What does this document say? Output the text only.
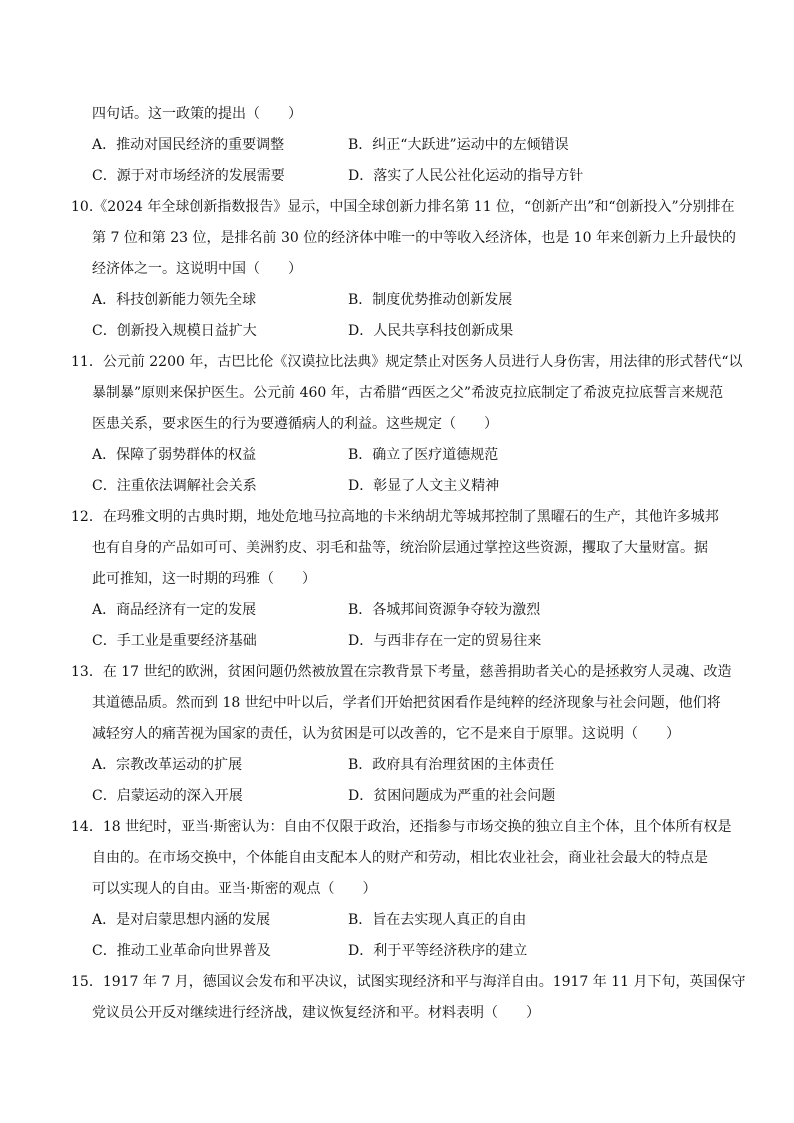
四句话。这一政策的提出（　　）
A．推动对国民经济的重要调整	B．纠正“大跃进”运动中的左倾错误
C．源于对市场经济的发展需要	D．落实了人民公社化运动的指导方针
10.《2024 年全球创新指数报告》显示，中国全球创新力排名第 11 位，“创新产出”和“创新投入”分别排在
第 7 位和第 23 位，是排名前 30 位的经济体中唯一的中等收入经济体，也是 10 年来创新力上升最快的
经济体之一。这说明中国（　　）
A．科技创新能力领先全球	B．制度优势推动创新发展
C．创新投入规模日益扩大	D．人民共享科技创新成果
11．公元前 2200 年，古巴比伦《汉谟拉比法典》规定禁止对医务人员进行人身伤害，用法律的形式替代“以
暴制暴”原则来保护医生。公元前 460 年，古希腊“西医之父”希波克拉底制定了希波克拉底誓言来规范
医患关系，要求医生的行为要遵循病人的利益。这些规定（　　）
A．保障了弱势群体的权益	B．确立了医疗道德规范
C．注重依法调解社会关系	D．彰显了人文主义精神
12．在玛雅文明的古典时期，地处危地马拉高地的卡米纳胡尤等城邦控制了黑曜石的生产，其他许多城邦
也有自身的产品如可可、美洲豹皮、羽毛和盐等，统治阶层通过掌控这些资源，攫取了大量财富。据
此可推知，这一时期的玛雅（　　）
A．商品经济有一定的发展	B．各城邦间资源争夺较为激烈
C．手工业是重要经济基础	D．与西非存在一定的贸易往来
13．在 17 世纪的欧洲，贫困问题仍然被放置在宗教背景下考量，慈善捐助者关心的是拯救穷人灵魂、改造
其道德品质。然而到 18 世纪中叶以后，学者们开始把贫困看作是纯粹的经济现象与社会问题，他们将
减轻穷人的痛苦视为国家的责任，认为贫困是可以改善的，它不是来自于原罪。这说明（　　）
A．宗教改革运动的扩展	B．政府具有治理贫困的主体责任
C．启蒙运动的深入开展	D．贫困问题成为严重的社会问题
14．18 世纪时，亚当·斯密认为：自由不仅限于政治，还指参与市场交换的独立自主个体，且个体所有权是
自由的。在市场交换中，个体能自由支配本人的财产和劳动，相比农业社会，商业社会最大的特点是
可以实现人的自由。亚当·斯密的观点（　　）
A．是对启蒙思想内涵的发展	B．旨在去实现人真正的自由
C．推动工业革命向世界普及	D．利于平等经济秩序的建立
15．1917 年 7 月，德国议会发布和平决议，试图实现经济和平与海洋自由。1917 年 11 月下旬，英国保守
党议员公开反对继续进行经济战，建议恢复经济和平。材料表明（　　）
